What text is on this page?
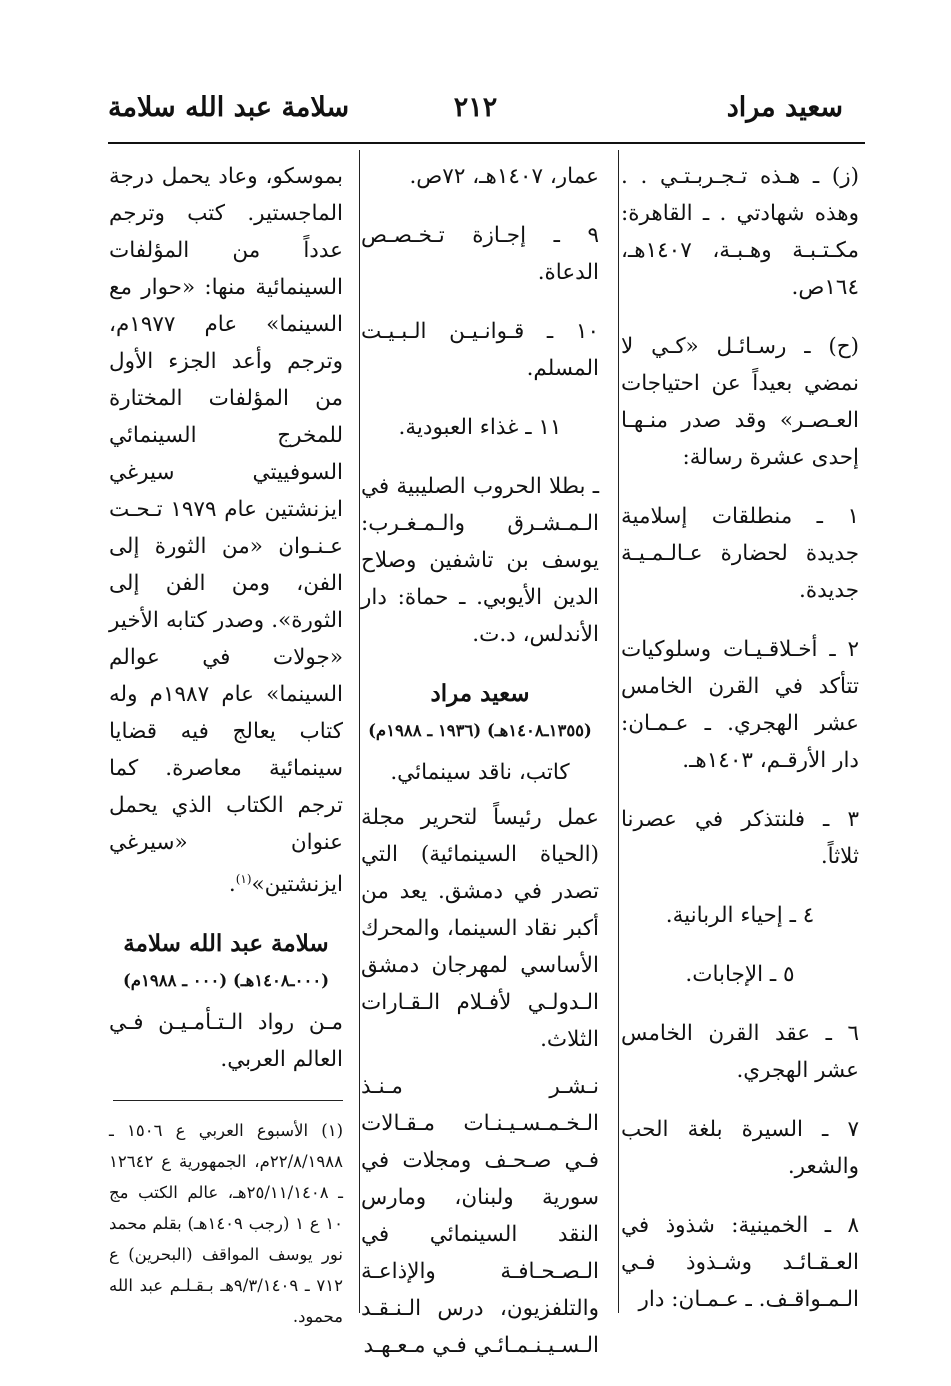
سعيد مراد
٢١٢
سلامة عبد الله سلامة

(ز) ـ هـذه تـجـربـتـي . . وهذه شهادتي . ـ القاهرة: مكـتـبـة وهـبـة، ١٤٠٧هـ، ١٦٤ص.

(ح) ـ رسـائـل «كـي لا نمضي بعيداً عن احتياجات العـصـر» وقد صدر منـهـا إحدى عشرة رسالة:

١ ـ منطلقات إسلامية جديدة لحضارة عـالـمـيـة جديدة.

٢ ـ أخـلاقـيـات وسلوكيات تتأكد في القرن الخامس عشر الهجري. ـ عـمـان: دار الأرقـم، ١٤٠٣هـ.

٣ ـ فلنتذكر في عصرنا ثلاثاً.

٤ ـ إحياء الربانية.

٥ ـ الإجابات.

٦ ـ عقد القرن الخامس عشر الهجري.

٧ ـ السيرة بلغة الحب والشعر.

٨ ـ الخمينية: شذوذ في العـقـائـد وشـذوذ فـي الـمـواقـف. ـ عـمـان: دار

عمار، ١٤٠٧هـ، ٧٢ص.

٩ ـ إجـازة تـخـصـص الدعاة.

١٠ ـ قـوانـيـن الـبـيـت المسلم.

١١ ـ غذاء العبودية.

ـ بطلا الحروب الصليبية في الـمـشـرق والـمـغـرب: يوسف بن تاشفين وصلاح الدين الأيوبي. ـ حماة: دار الأندلس، د.ت.

سعيد مراد
(١٣٥٥ـ١٤٠٨هـ) (١٩٣٦ ـ ١٩٨٨م)
كاتب، ناقد سينمائي.

عمل رئيساً لتحرير مجلة (الحياة السينمائية) التي تصدر في دمشق. يعد من أكبر نقاد السينما، والمحرك الأساسي لمهرجان دمشق الـدولـي لأفـلام الـقـارات الثلاث.

نـشـر مـنـذ الـخـمـسـيـنـات مـقـالات فـي صـحـف ومجلات في سورية ولبنان، ومارس النقد السينمائي في الـصـحـافـة والإذاعـة والتلفزيون، درس الـنـقـد الـسـيـنـمـائـي فـي مـعـهـد

بموسكو، وعاد يحمل درجة الماجستير. كتب وترجم عدداً من المؤلفات السينمائية منها: «حوار مع السينما» عام ١٩٧٧م، وترجم وأعد الجزء الأول من المؤلفات المختارة للمخرج السينمائي السوفييتي سيرغي ايزنشتين عام ١٩٧٩ تـحـت عـنـوان «من الثورة إلى الفن، ومن الفن إلى الثورة». وصدر كتابه الأخير «جولات في عوالم السينما» عام ١٩٨٧م وله كتاب يعالج فيه قضايا سينمائية معاصرة. كما ترجم الكتاب الذي يحمل عنوان «سيرغي ايزنشتين»$^{(١)}$.

سلامة عبد الله سلامة
(٠٠٠ـ١٤٠٨هـ) (٠٠٠ ـ ١٩٨٨م)

مـن رواد الـتـأمـيـن فـي العالم العربي.

(١) الأسبوع العربي ع ١٥٠٦ ـ ٢٢/٨/١٩٨٨م، الجمهورية ع ١٢٦٤٢ ـ ٢٥/١١/١٤٠٨هـ، عالم الكتب مج ١٠ ع ١ (رجب ١٤٠٩هـ) بقلم محمد نور يوسف المواقف (البحرين) ع ٧١٢ ـ ٩/٣/١٤٠٩هـ بـقـلـم عبد الله محمود.
